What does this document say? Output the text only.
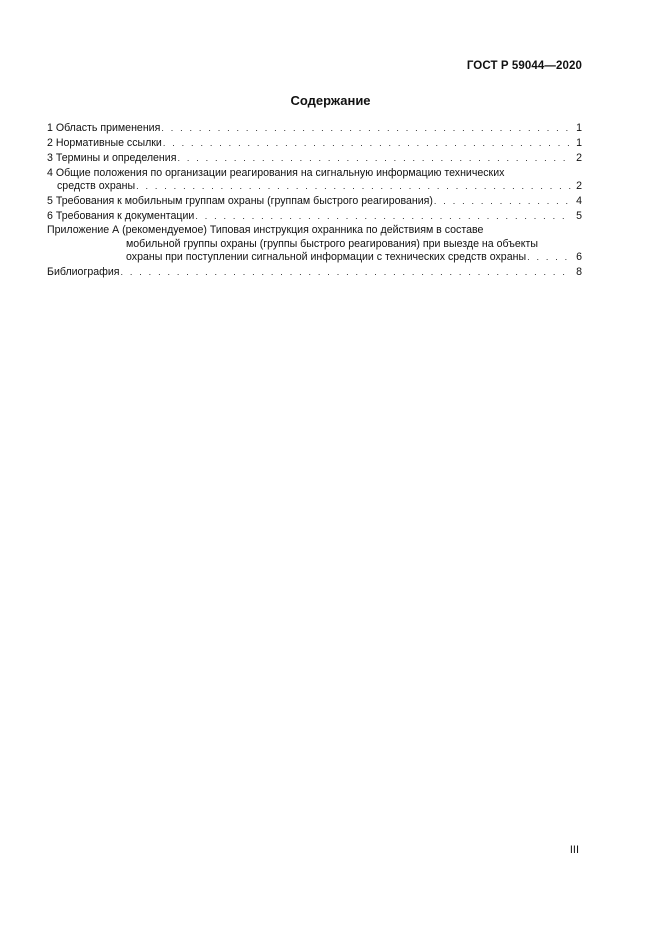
ГОСТ Р 59044—2020
Содержание
1 Область применения . . .	1
2 Нормативные ссылки . . .	1
3 Термины и определения . . .	2
4 Общие положения по организации реагирования на сигнальную информацию технических
средств охраны . . .	2
5 Требования к мобильным группам охраны (группам быстрого реагирования) . . .	4
6 Требования к документации . . .	5
Приложение А (рекомендуемое) Типовая инструкция охранника по действиям в составе
мобильной группы охраны (группы быстрого реагирования) при выезде на объекты
охраны при поступлении сигнальной информации с технических средств охраны . . .	6
Библиография . . .	8
III
